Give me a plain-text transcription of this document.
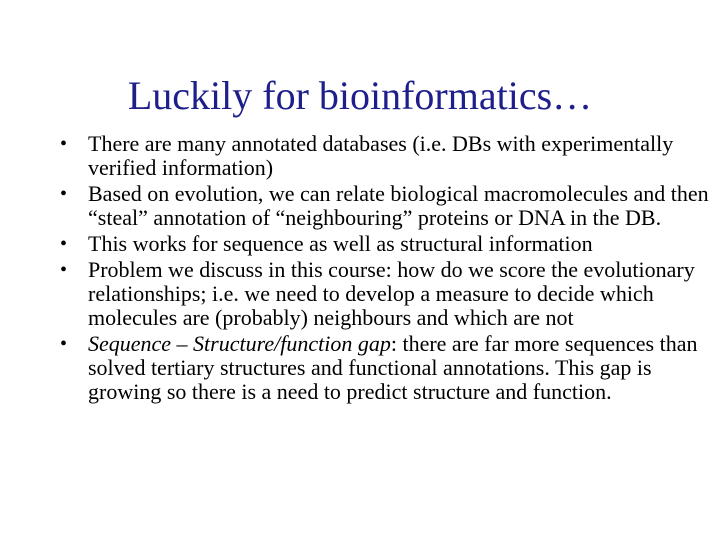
Luckily for bioinformatics…
• There are many annotated databases (i.e. DBs with experimentally verified information)
• Based on evolution, we can relate biological macromolecules and then “steal” annotation of “neighbouring” proteins or DNA in the DB.
• This works for sequence as well as structural information
• Problem we discuss in this course: how do we score the evolutionary relationships; i.e. we need to develop a measure to decide which molecules are (probably) neighbours and which are not
• Sequence – Structure/function gap: there are far more sequences than solved tertiary structures and functional annotations. This gap is growing so there is a need to predict structure and function.
